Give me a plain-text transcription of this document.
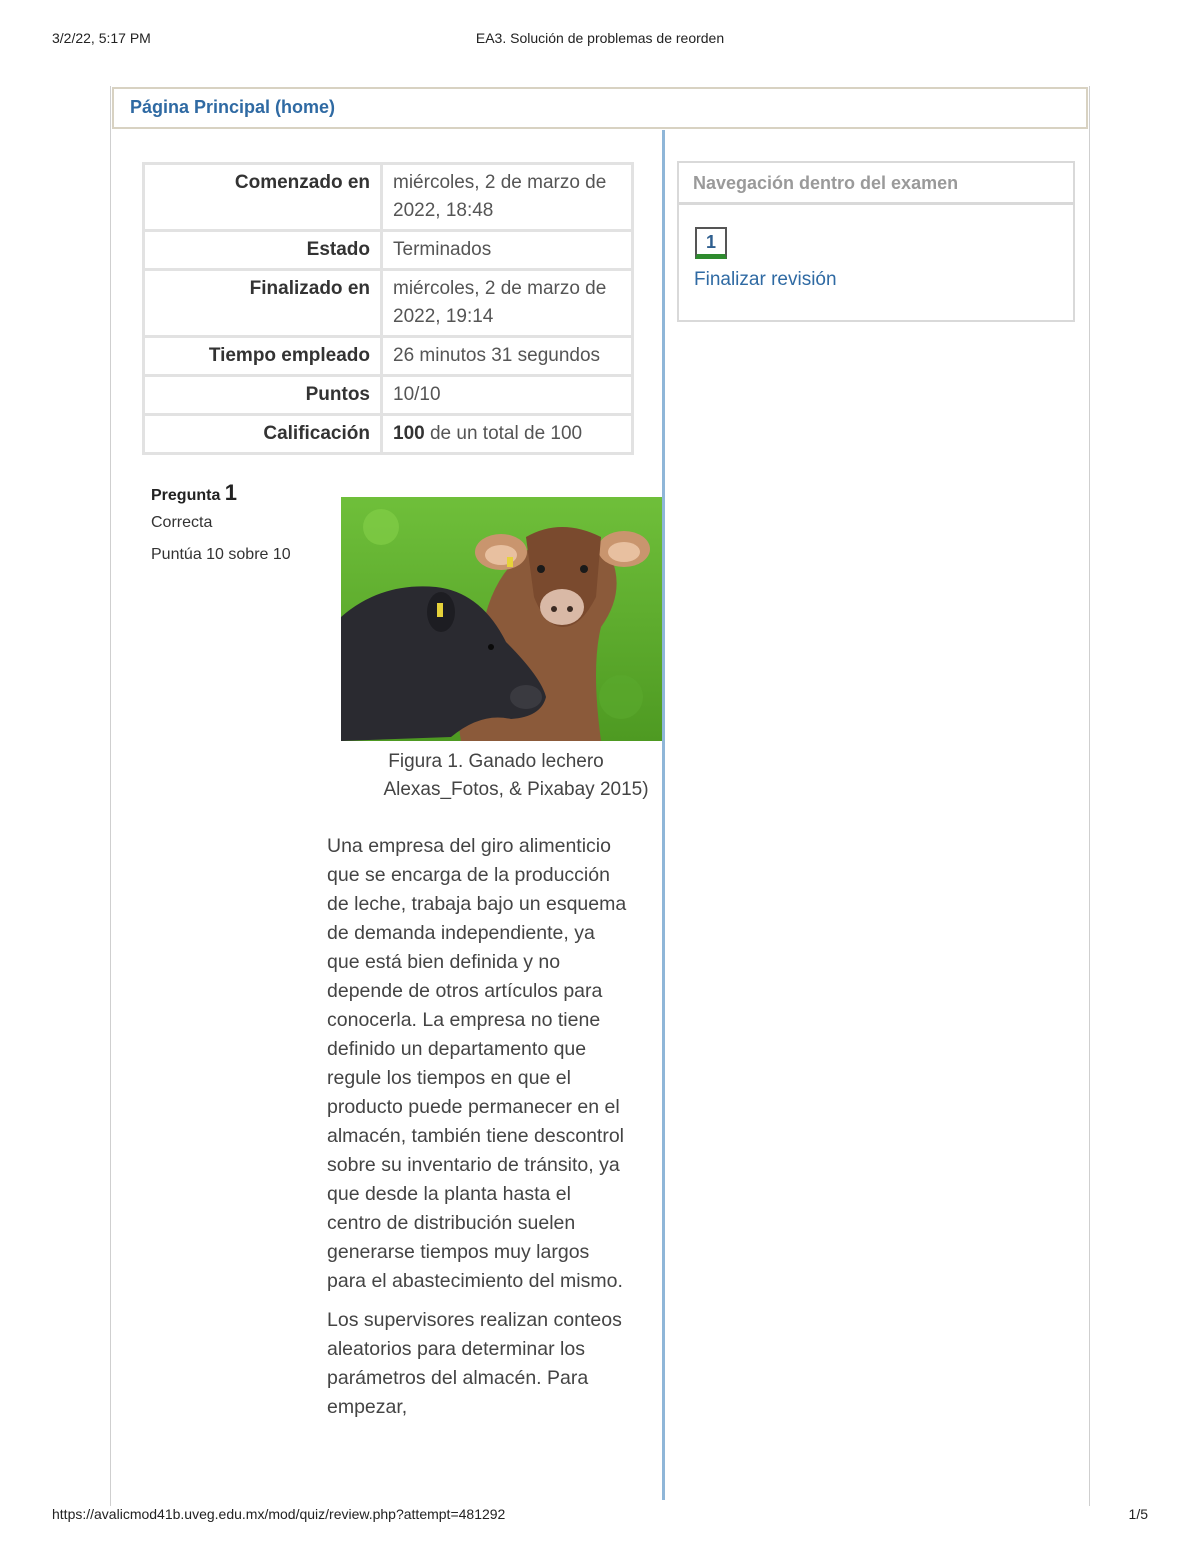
3/2/22, 5:17 PM	EA3. Solución de problemas de reorden
Página Principal (home)
Comenzado en	miércoles, 2 de marzo de 2022, 18:48
Estado	Terminados
Finalizado en	miércoles, 2 de marzo de 2022, 19:14
Tiempo empleado	26 minutos 31 segundos
Puntos	10/10
Calificación	100 de un total de 100
Pregunta 1
Correcta
Puntúa 10 sobre 10
Figura 1. Ganado lechero
Alexas_Fotos, & Pixabay 2015)

Una empresa del giro alimenticio que se encarga de la producción de leche, trabaja bajo un esquema de demanda independiente, ya que está bien definida y no depende de otros artículos para conocerla. La empresa no tiene definido un departamento que regule los tiempos en que el producto puede permanecer en el almacén, también tiene descontrol sobre su inventario de tránsito, ya que desde la planta hasta el centro de distribución suelen generarse tiempos muy largos para el abastecimiento del mismo.

Los supervisores realizan conteos aleatorios para determinar los parámetros del almacén. Para empezar,

Navegación dentro del examen
1
Finalizar revisión
https://avalicmod41b.uveg.edu.mx/mod/quiz/review.php?attempt=481292	1/5
